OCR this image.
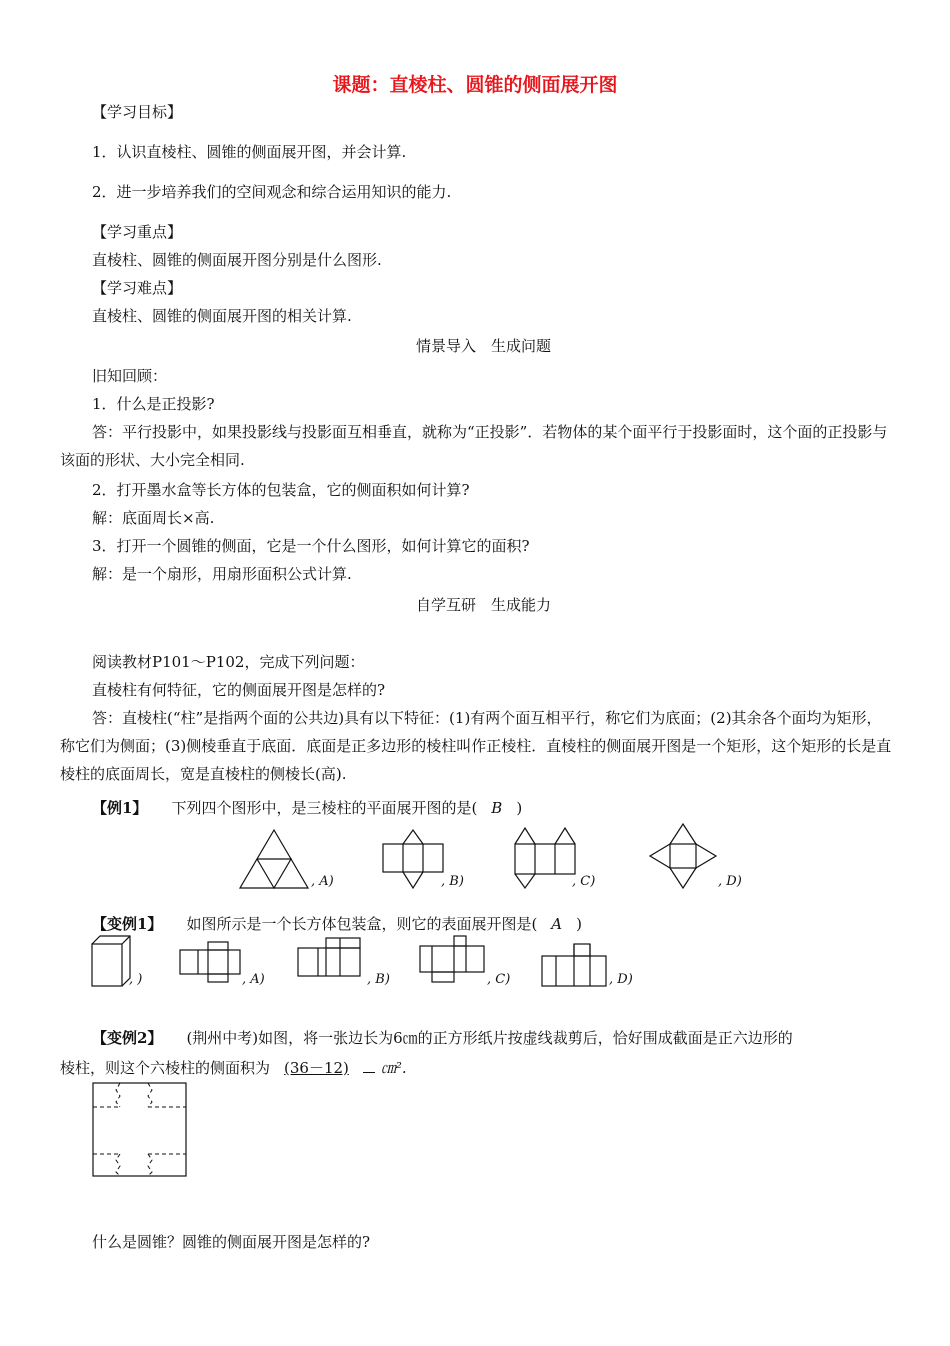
课题：直棱柱、圆锥的侧面展开图
【学习目标】
1．认识直棱柱、圆锥的侧面展开图，并会计算.
2．进一步培养我们的空间观念和综合运用知识的能力.
【学习重点】
直棱柱、圆锥的侧面展开图分别是什么图形.
【学习难点】
直棱柱、圆锥的侧面展开图的相关计算.
情景导入　生成问题
旧知回顾：
1．什么是正投影?
答：平行投影中，如果投影线与投影面互相垂直，就称为“正投影”．若物体的某个面平行于投影面时，这个面的正投影与该面的形状、大小完全相同.
2．打开墨水盒等长方体的包装盒，它的侧面积如何计算?
解：底面周长×高.
3．打开一个圆锥的侧面，它是一个什么图形，如何计算它的面积?
解：是一个扇形，用扇形面积公式计算.
自学互研　生成能力
阅读教材P101～P102，完成下列问题：
直棱柱有何特征，它的侧面展开图是怎样的?
答：直棱柱(“柱”是指两个面的公共边)具有以下特征：(1)有两个面互相平行，称它们为底面；(2)其余各个面均为矩形，称它们为侧面；(3)侧棱垂直于底面．底面是正多边形的棱柱叫作正棱柱．直棱柱的侧面展开图是一个矩形，这个矩形的长是直棱柱的底面周长，宽是直棱柱的侧棱长(高).
【例1】 下列四个图形中，是三棱柱的平面展开图的是( B )
, A)	, B)	, C)	, D)
【变例1】 如图所示是一个长方体包装盒，则它的表面展开图是( A )
, )	, A)	, B)	, C)	, D)
【变例2】 (荆州中考)如图，将一张边长为6㎝的正方形纸片按虚线裁剪后，恰好围成截面是正六边形的
棱柱，则这个六棱柱的侧面积为 (36－12) ㎝².
什么是圆锥？圆锥的侧面展开图是怎样的?
